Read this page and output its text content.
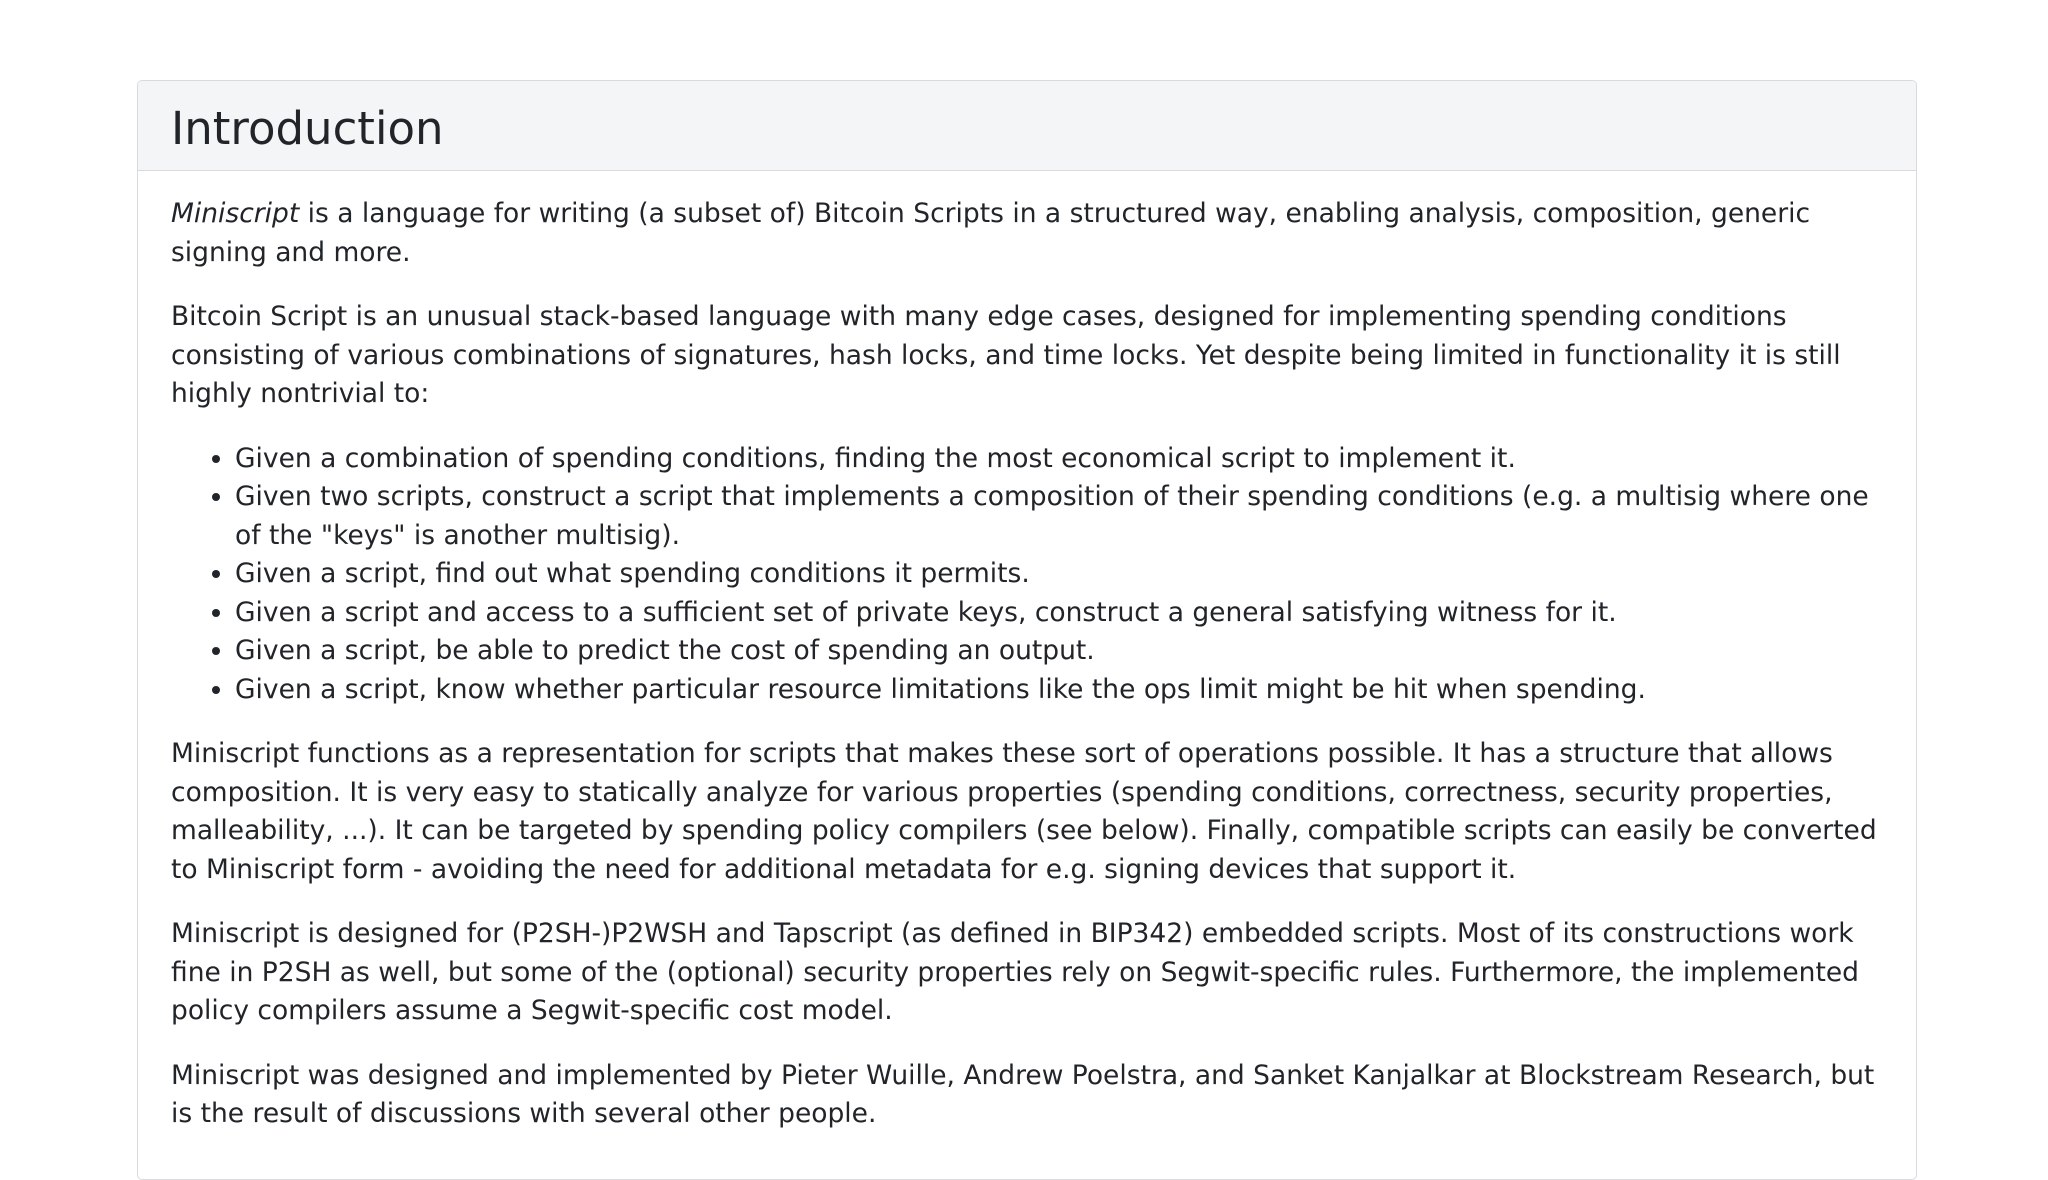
Introduction

Miniscript is a language for writing (a subset of) Bitcoin Scripts in a structured way, enabling analysis, composition, generic signing and more.

Bitcoin Script is an unusual stack-based language with many edge cases, designed for implementing spending conditions consisting of various combinations of signatures, hash locks, and time locks. Yet despite being limited in functionality it is still highly nontrivial to:

• Given a combination of spending conditions, finding the most economical script to implement it.
• Given two scripts, construct a script that implements a composition of their spending conditions (e.g. a multisig where one of the "keys" is another multisig).
• Given a script, find out what spending conditions it permits.
• Given a script and access to a sufficient set of private keys, construct a general satisfying witness for it.
• Given a script, be able to predict the cost of spending an output.
• Given a script, know whether particular resource limitations like the ops limit might be hit when spending.

Miniscript functions as a representation for scripts that makes these sort of operations possible. It has a structure that allows composition. It is very easy to statically analyze for various properties (spending conditions, correctness, security properties, malleability, ...). It can be targeted by spending policy compilers (see below). Finally, compatible scripts can easily be converted to Miniscript form - avoiding the need for additional metadata for e.g. signing devices that support it.

Miniscript is designed for (P2SH-)P2WSH and Tapscript (as defined in BIP342) embedded scripts. Most of its constructions work fine in P2SH as well, but some of the (optional) security properties rely on Segwit-specific rules. Furthermore, the implemented policy compilers assume a Segwit-specific cost model.

Miniscript was designed and implemented by Pieter Wuille, Andrew Poelstra, and Sanket Kanjalkar at Blockstream Research, but is the result of discussions with several other people.
